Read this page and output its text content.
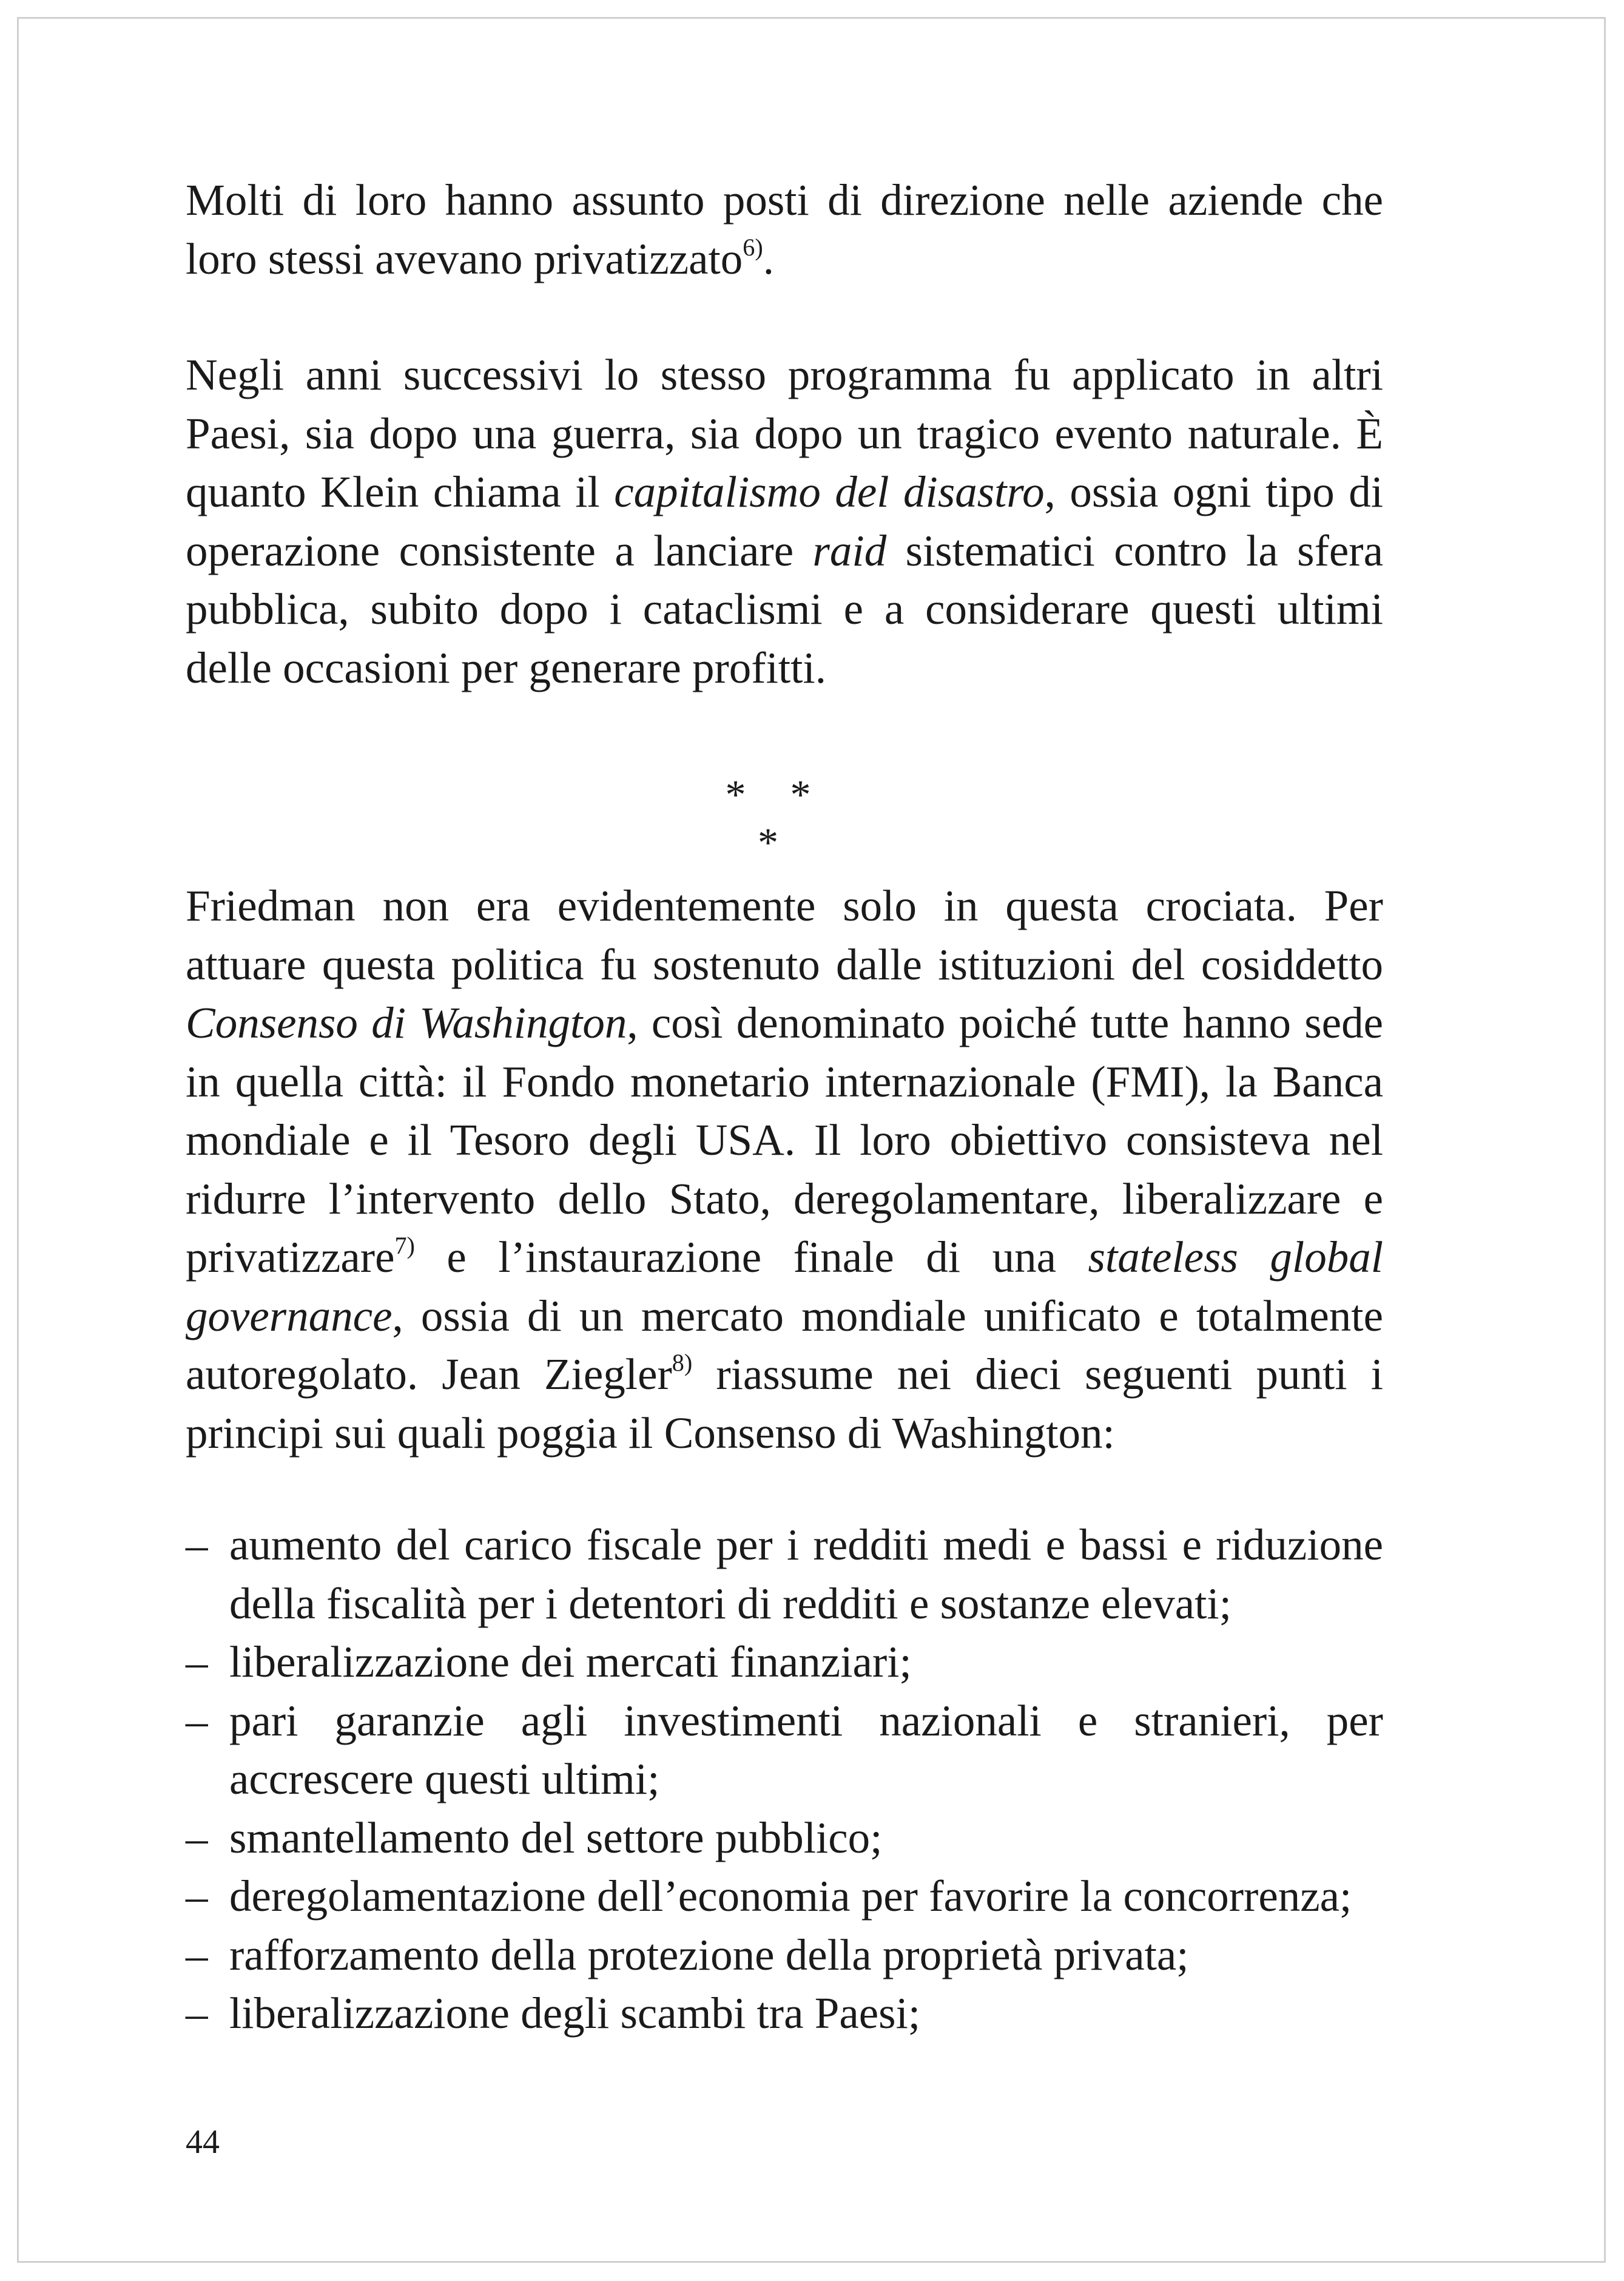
Molti di loro hanno assunto posti di direzione nelle aziende che loro stessi avevano privatizzato$^{6)}$.

Negli anni successivi lo stesso programma fu applicato in altri Paesi, sia dopo una guerra, sia dopo un tragico evento naturale. È quanto Klein chiama il capitalismo del disastro, ossia ogni tipo di operazione consistente a lanciare raid sistematici contro la sfera pubblica, subito dopo i cataclismi e a considerare questi ultimi delle occasioni per generare profitti.

* * *

Friedman non era evidentemente solo in questa crociata. Per attuare questa politica fu sostenuto dalle istituzioni del cosiddetto Consenso di Washington, così denominato poiché tutte hanno sede in quella città: il Fondo monetario internazionale (FMI), la Banca mondiale e il Tesoro degli USA. Il loro obiettivo consisteva nel ridurre l’intervento dello Stato, deregolamentare, liberalizzare e privatizzare$^{7)}$ e l’instaurazione finale di una stateless global governance, ossia di un mercato mondiale unificato e totalmente autoregolato. Jean Ziegler$^{8)}$ riassume nei dieci seguenti punti i principi sui quali poggia il Consenso di Washington:

– aumento del carico fiscale per i redditi medi e bassi e riduzione della fiscalità per i detentori di redditi e sostanze elevati;
– liberalizzazione dei mercati finanziari;
– pari garanzie agli investimenti nazionali e stranieri, per accrescere questi ultimi;
– smantellamento del settore pubblico;
– deregolamentazione dell’economia per favorire la concorrenza;
– rafforzamento della protezione della proprietà privata;
– liberalizzazione degli scambi tra Paesi;
44
